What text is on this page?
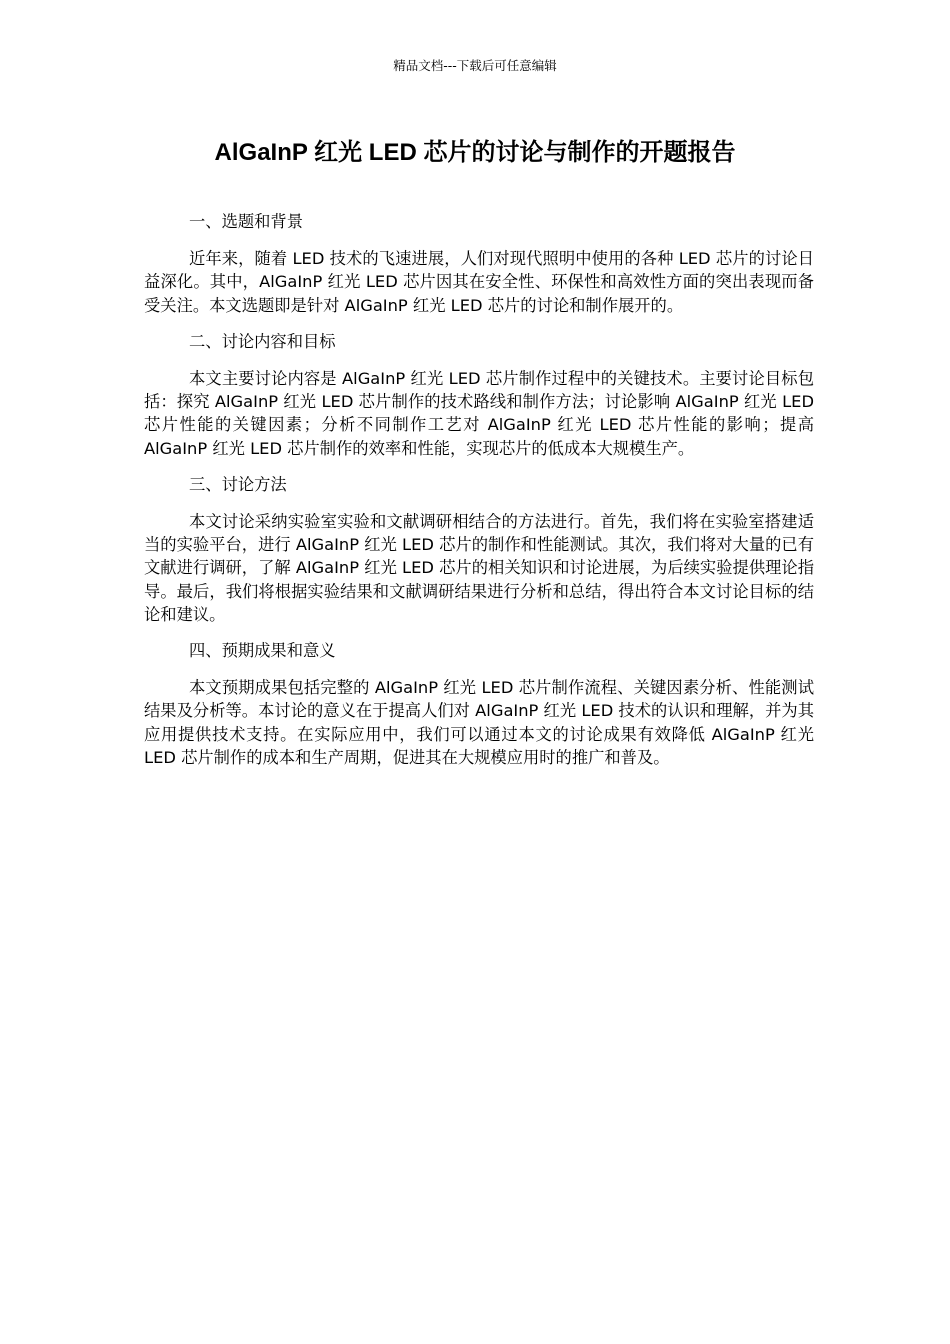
精品文档---下载后可任意编辑
AlGaInP 红光 LED 芯片的讨论与制作的开题报告
一、选题和背景

近年来，随着 LED 技术的飞速进展，人们对现代照明中使用的各种 LED 芯片的讨论日益深化。其中，AlGaInP 红光 LED 芯片因其在安全性、环保性和高效性方面的突出表现而备受关注。本文选题即是针对 AlGaInP 红光 LED 芯片的讨论和制作展开的。

二、讨论内容和目标

本文主要讨论内容是 AlGaInP 红光 LED 芯片制作过程中的关键技术。主要讨论目标包括：探究 AlGaInP 红光 LED 芯片制作的技术路线和制作方法；讨论影响 AlGaInP 红光 LED 芯片性能的关键因素；分析不同制作工艺对 AlGaInP 红光 LED 芯片性能的影响；提高 AlGaInP 红光 LED 芯片制作的效率和性能，实现芯片的低成本大规模生产。

三、讨论方法

本文讨论采纳实验室实验和文献调研相结合的方法进行。首先，我们将在实验室搭建适当的实验平台，进行 AlGaInP 红光 LED 芯片的制作和性能测试。其次，我们将对大量的已有文献进行调研，了解 AlGaInP 红光 LED 芯片的相关知识和讨论进展，为后续实验提供理论指导。最后，我们将根据实验结果和文献调研结果进行分析和总结，得出符合本文讨论目标的结论和建议。

四、预期成果和意义

本文预期成果包括完整的 AlGaInP 红光 LED 芯片制作流程、关键因素分析、性能测试结果及分析等。本讨论的意义在于提高人们对 AlGaInP 红光 LED 技术的认识和理解，并为其应用提供技术支持。在实际应用中，我们可以通过本文的讨论成果有效降低 AlGaInP 红光 LED 芯片制作的成本和生产周期，促进其在大规模应用时的推广和普及。
